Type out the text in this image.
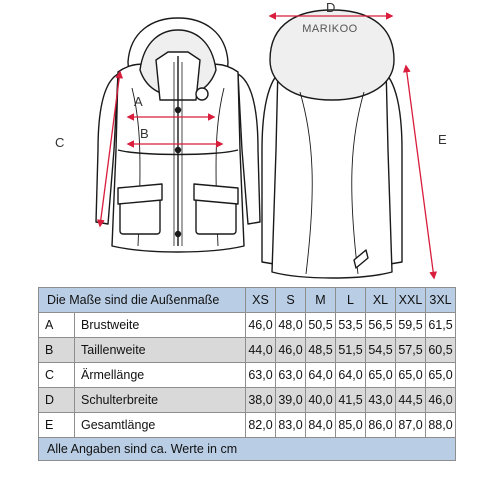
MARIKOO
A
B
C
D
E
Die Maße sind die Außenmaße		XS	S	M	L	XL	XXL	3XL
A	Brustweite	46,0	48,0	50,5	53,5	56,5	59,5	61,5
B	Taillenweite	44,0	46,0	48,5	51,5	54,5	57,5	60,5
C	Ärmellänge	63,0	63,0	64,0	64,0	65,0	65,0	65,0
D	Schulterbreite	38,0	39,0	40,0	41,5	43,0	44,5	46,0
E	Gesamtlänge	82,0	83,0	84,0	85,0	86,0	87,0	88,0
Alle Angaben sind ca. Werte in cm								
